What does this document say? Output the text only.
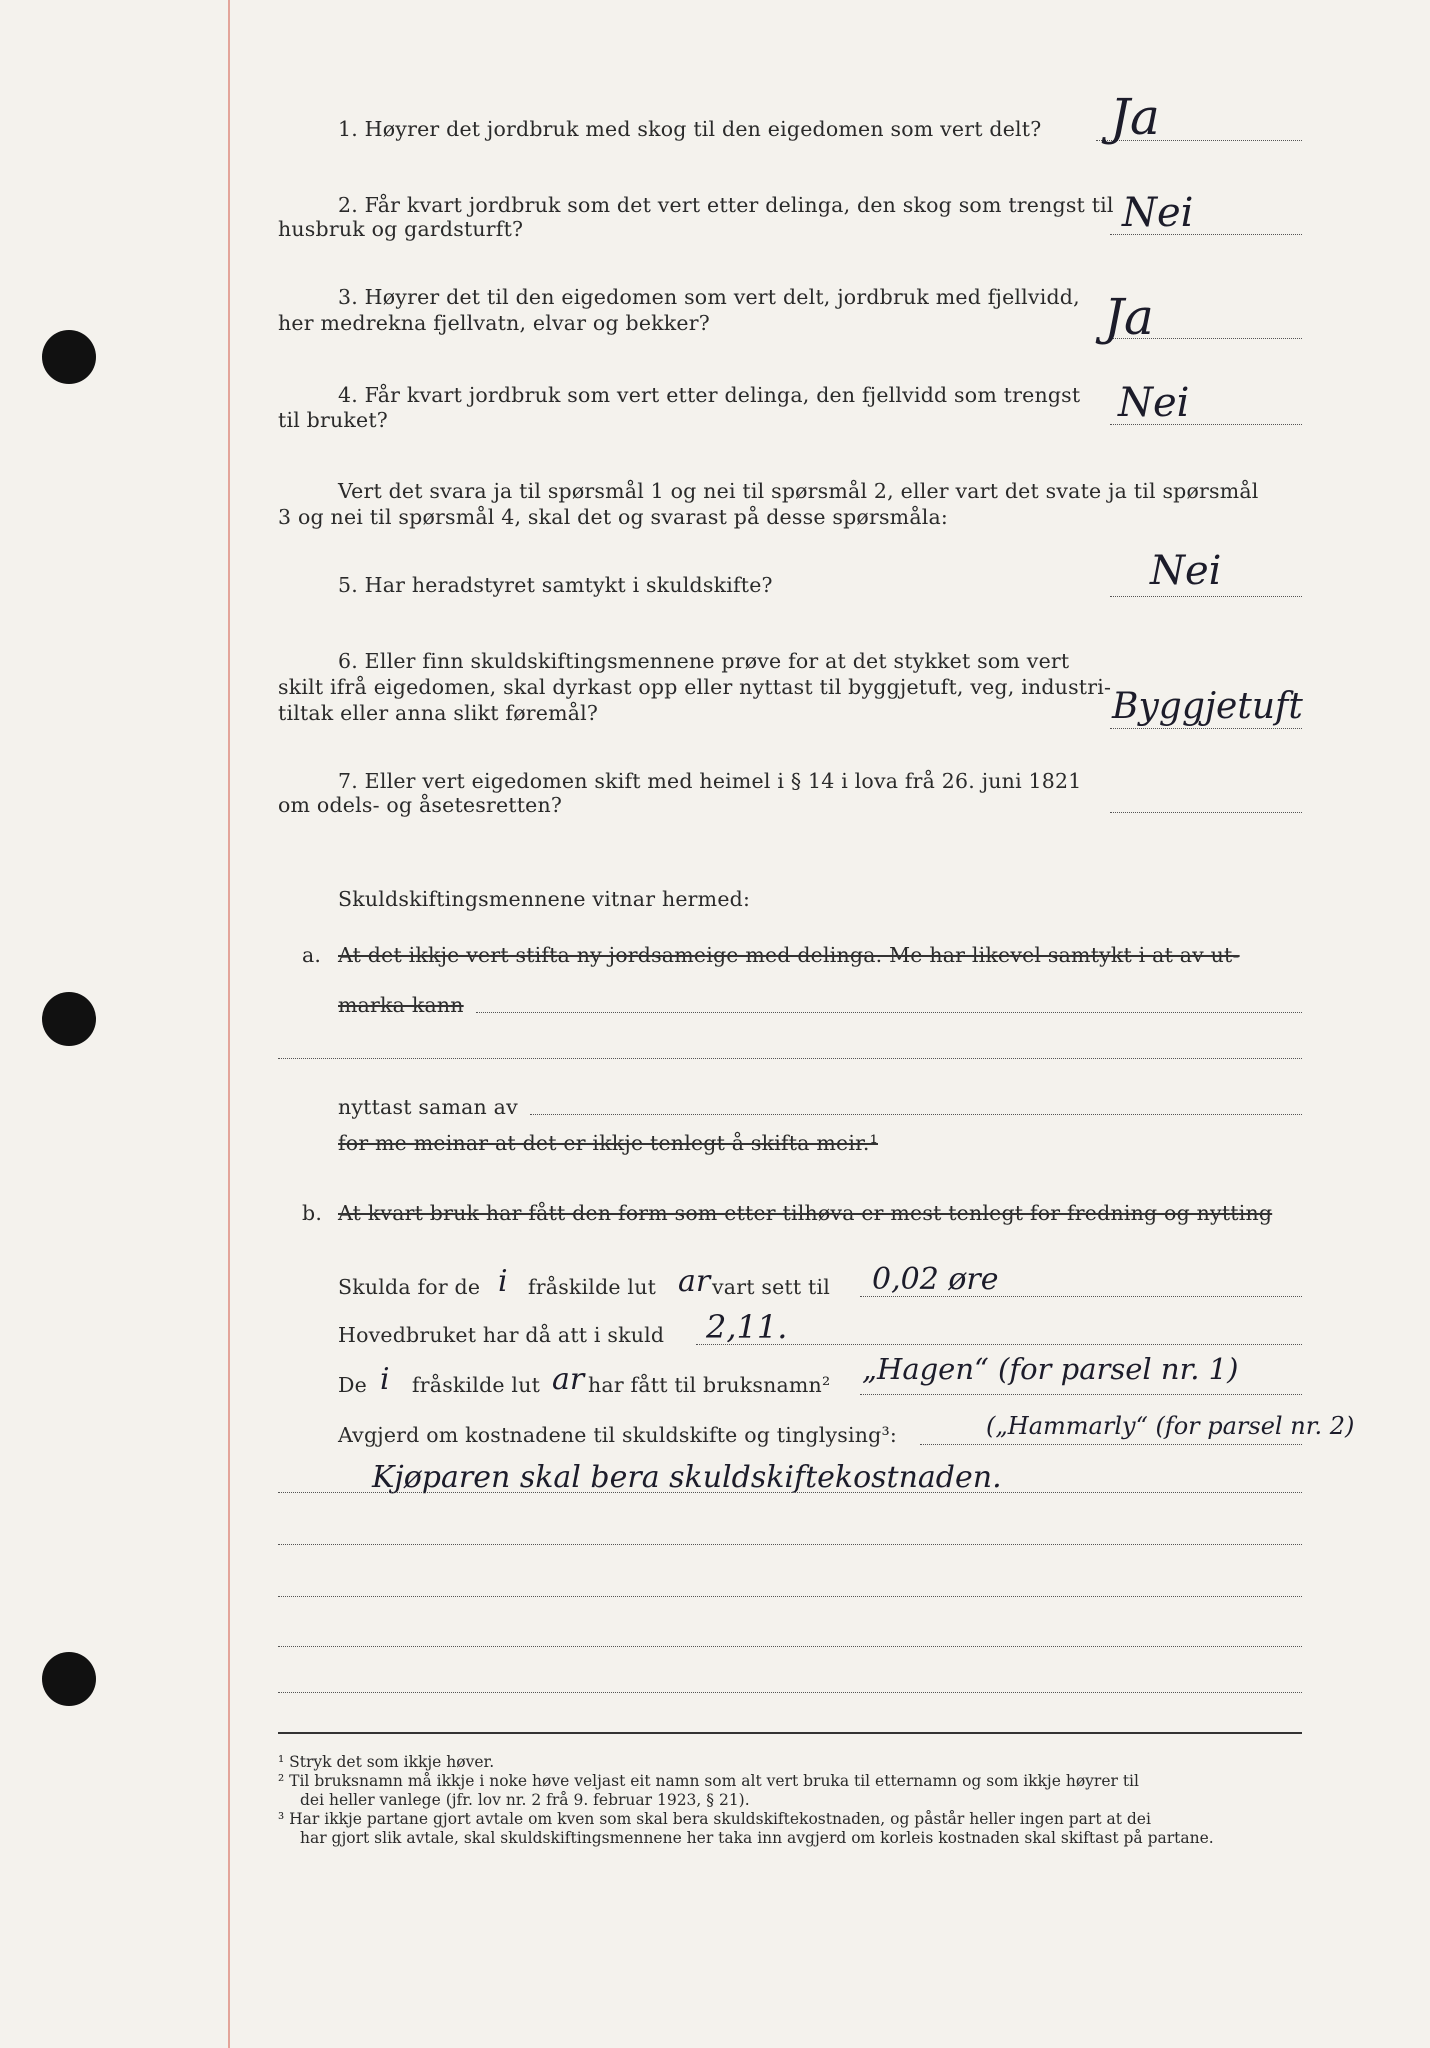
1. Høyrer det jordbruk med skog til den eigedomen som vert delt? Ja
2. Får kvart jordbruk som det vert etter delinga, den skog som trengst til
husbruk og gardsturft?	Nei
3. Høyrer det til den eigedomen som vert delt, jordbruk med fjellvidd,
her medrekna fjellvatn, elvar og bekker?	Ja
4. Får kvart jordbruk som vert etter delinga, den fjellvidd som trengst
til bruket?	Nei
Vert det svara ja til spørsmål 1 og nei til spørsmål 2, eller vart det svate ja til spørsmål
3 og nei til spørsmål 4, skal det og svarast på desse spørsmåla:
5. Har heradstyret samtykt i skuldskifte?	Nei
6. Eller finn skuldskiftingsmennene prøve for at det stykket som vert
skilt ifrå eigedomen, skal dyrkast opp eller nyttast til byggjetuft, veg, industri-
tiltak eller anna slikt føremål?	Byggjetuft
7. Eller vert eigedomen skift med heimel i § 14 i lova frå 26. juni 1821
om odels- og åsetesretten?
Skuldskiftingsmennene vitnar hermed:
a. At det ikkje vert stifta ny jordsameige med delinga. Me har likevel samtykt i at av ut-
marka kann
nyttast saman av
for me meinar at det er ikkje tenlegt å skifta meir.¹
b. At kvart bruk har fått den form som etter tilhøva er mest tenlegt for fredning og nytting
Skulda for de i fråskilde lut ar vart sett til 0,02 øre
Hovedbruket har då att i skuld 2,11.
De i fråskilde lut ar har fått til bruksnamn² „Hagen“ (for parsel nr. 1)
Avgjerd om kostnadene til skuldskifte og tinglysing³:	(„Hammarly“ (for parsel nr. 2)
Kjøparen skal bera skuldskiftekostnaden.
¹ Stryk det som ikkje høver.
² Til bruksnamn må ikkje i noke høve veljast eit namn som alt vert bruka til etternamn og som ikkje høyrer til
dei heller vanlege (jfr. lov nr. 2 frå 9. februar 1923, § 21).
³ Har ikkje partane gjort avtale om kven som skal bera skuldskiftekostnaden, og påstår heller ingen part at dei
har gjort slik avtale, skal skuldskiftingsmennene her taka inn avgjerd om korleis kostnaden skal skiftast på partane.
